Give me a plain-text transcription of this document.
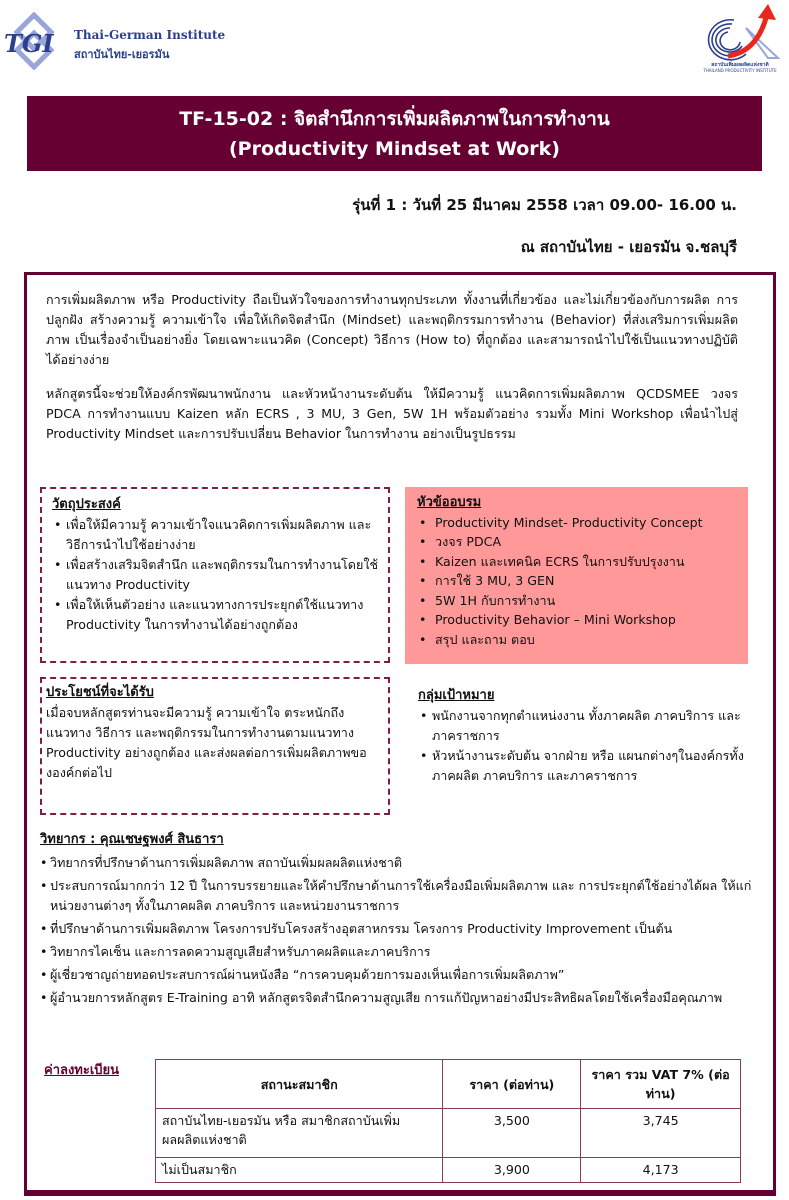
TGI Thai-German Institute
สถาบันไทย-เยอรมัน
สถาบันเพิ่มผลผลิตแห่งชาติ
THAILAND PRODUCTIVITY INSTITUTE
TF-15-02 : จิตสำนึกการเพิ่มผลิตภาพในการทำงาน
(Productivity Mindset at Work)
รุ่นที่ 1 : วันที่ 25 มีนาคม 2558 เวลา 09.00- 16.00 น.
ณ สถาบันไทย - เยอรมัน จ.ชลบุรี
การเพิ่มผลิตภาพ หรือ Productivity ถือเป็นหัวใจของการทำงานทุกประเภท ทั้งงานที่เกี่ยวข้อง และไม่เกี่ยวข้องกับการผลิต การปลูกฝัง สร้างความรู้ ความเข้าใจ เพื่อให้เกิดจิตสำนึก (Mindset) และพฤติกรรมการทำงาน (Behavior) ที่ส่งเสริมการเพิ่มผลิตภาพ เป็นเรื่องจำเป็นอย่างยิ่ง โดยเฉพาะแนวคิด (Concept) วิธีการ (How to) ที่ถูกต้อง และสามารถนำไปใช้เป็นแนวทางปฏิบัติได้อย่างง่าย
หลักสูตรนี้จะช่วยให้องค์กรพัฒนาพนักงาน และหัวหน้างานระดับต้น ให้มีความรู้ แนวคิดการเพิ่มผลิตภาพ QCDSMEE วงจร PDCA การทำงานแบบ Kaizen หลัก ECRS , 3 MU, 3 Gen, 5W 1H พร้อมตัวอย่าง รวมทั้ง Mini Workshop เพื่อนำไปสู่ Productivity Mindset และการปรับเปลี่ยน Behavior ในการทำงาน อย่างเป็นรูปธรรม
วัตถุประสงค์
• เพื่อให้มีความรู้ ความเข้าใจแนวคิดการเพิ่มผลิตภาพ และวิธีการนำไปใช้อย่างง่าย
• เพื่อสร้างเสริมจิตสำนึก และพฤติกรรมในการทำงานโดยใช้แนวทาง Productivity
• เพื่อให้เห็นตัวอย่าง และแนวทางการประยุกต์ใช้แนวทาง Productivity ในการทำงานได้อย่างถูกต้อง
หัวข้ออบรม
• Productivity Mindset- Productivity Concept
• วงจร PDCA
• Kaizen และเทคนิค ECRS ในการปรับปรุงงาน
• การใช้ 3 MU, 3 GEN
• 5W 1H กับการทำงาน
• Productivity Behavior – Mini Workshop
• สรุป และถาม ตอบ
ประโยชน์ที่จะได้รับ
เมื่อจบหลักสูตรท่านจะมีความรู้ ความเข้าใจ ตระหนักถึงแนวทาง วิธีการ และพฤติกรรมในการทำงานตามแนวทาง Productivity อย่างถูกต้อง และส่งผลต่อการเพิ่มผลิตภาพขององค์กต่อไป
กลุ่มเป้าหมาย
• พนักงานจากทุกตำแหน่งงาน ทั้งภาคผลิต ภาคบริการ และภาคราชการ
• หัวหน้างานระดับต้น จากฝ่าย หรือ แผนกต่างๆในองค์กรทั้งภาคผลิต ภาคบริการ และภาคราชการ
วิทยากร : คุณเชษฐพงศ์ สินธารา
• วิทยากรที่ปรึกษาด้านการเพิ่มผลิตภาพ สถาบันเพิ่มผลผลิตแห่งชาติ
• ประสบการณ์มากกว่า 12 ปี ในการบรรยายและให้คำปรึกษาด้านการใช้เครื่องมือเพิ่มผลิตภาพ และ การประยุกต์ใช้อย่างได้ผล ให้แก่หน่วยงานต่างๆ ทั้งในภาคผลิต ภาคบริการ และหน่วยงานราชการ
• ที่ปรึกษาด้านการเพิ่มผลิตภาพ โครงการปรับโครงสร้างอุตสาหกรรม โครงการ Productivity Improvement เป็นต้น
• วิทยากรไคเซ็น และการลดความสูญเสียสำหรับภาคผลิตและภาคบริการ
• ผู้เชี่ยวชาญถ่ายทอดประสบการณ์ผ่านหนังสือ “การควบคุมด้วยการมองเห็นเพื่อการเพิ่มผลิตภาพ”
• ผู้อำนวยการหลักสูตร E-Training อาทิ หลักสูตรจิตสำนึกความสูญเสีย การแก้ปัญหาอย่างมีประสิทธิผลโดยใช้เครื่องมือคุณภาพ
ค่าลงทะเบียน
สถานะสมาชิก	ราคา (ต่อท่าน)	ราคา รวม VAT 7% (ต่อท่าน)
สถาบันไทย-เยอรมัน หรือ สมาชิกสถาบันเพิ่มผลผลิตแห่งชาติ	3,500	3,745
ไม่เป็นสมาชิก	3,900	4,173
